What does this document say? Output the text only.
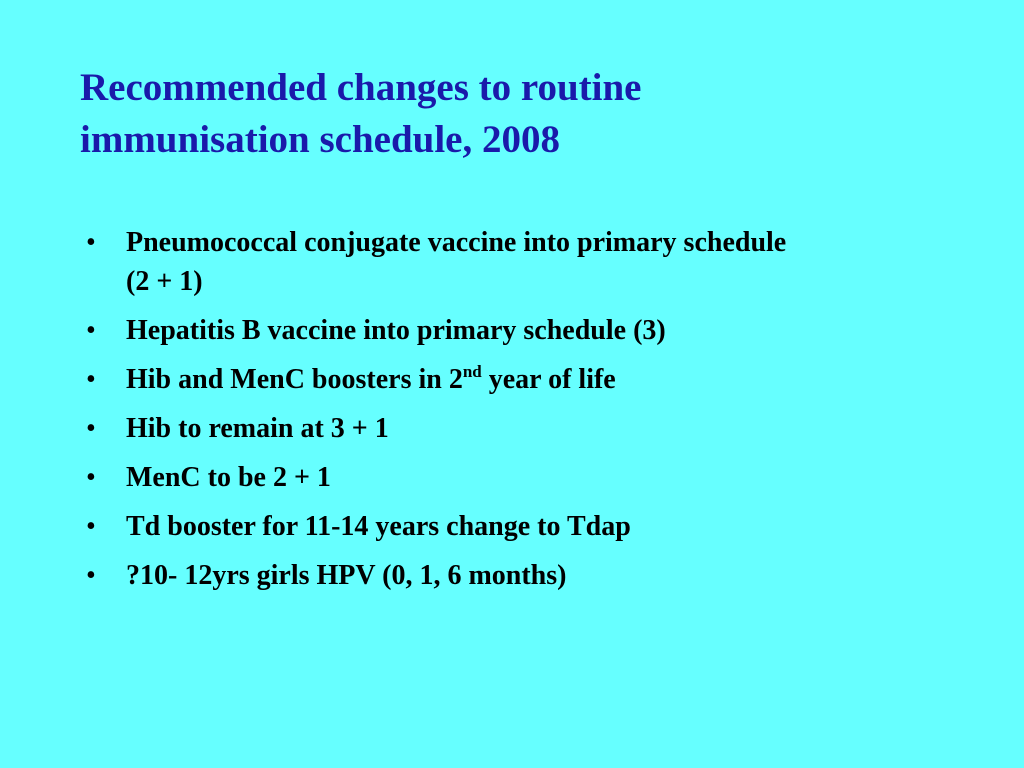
Recommended changes to routine
immunisation schedule, 2008
• Pneumococcal conjugate vaccine into primary schedule
(2 + 1)
• Hepatitis B vaccine into primary schedule (3)
• Hib and MenC boosters in 2nd year of life
• Hib to remain at 3 + 1
• MenC to be 2 + 1
• Td booster for 11-14 years change to Tdap
• ?10- 12yrs girls HPV (0, 1, 6 months)
